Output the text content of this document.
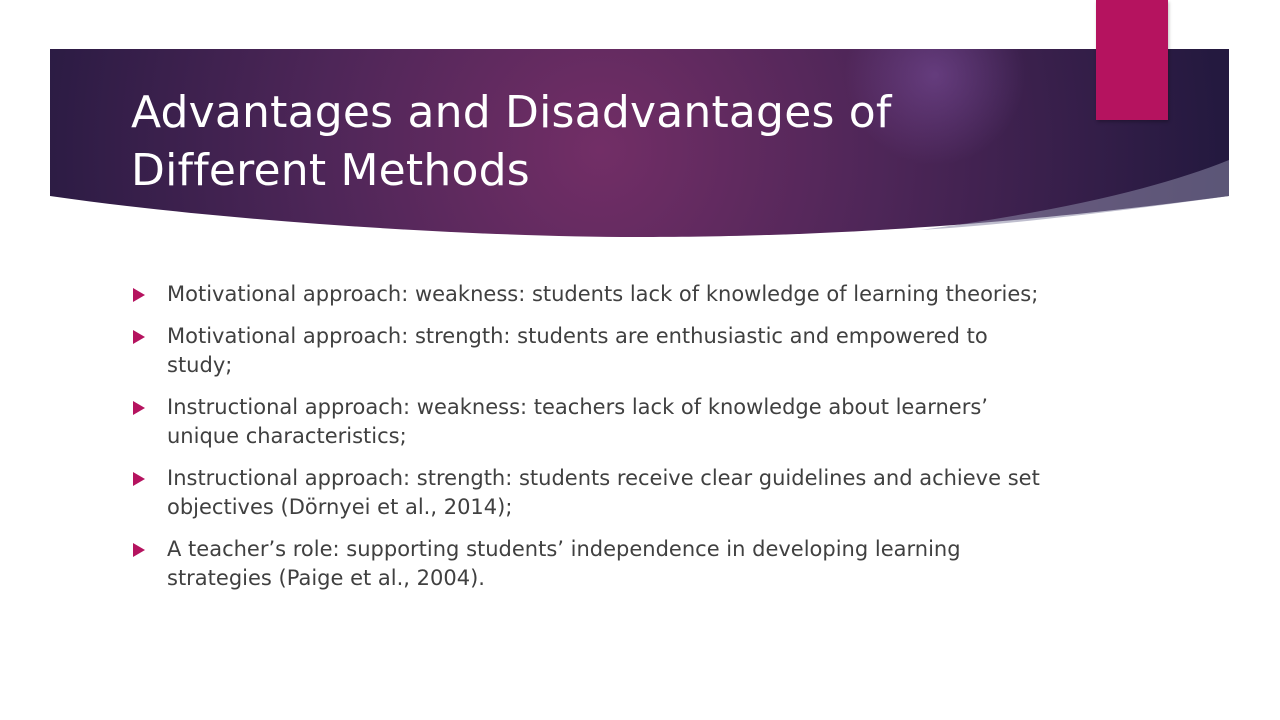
Advantages and Disadvantages of
Different Methods
Motivational approach: weakness: students lack of knowledge of learning theories;
Motivational approach: strength: students are enthusiastic and empowered to study;
Instructional approach: weakness: teachers lack of knowledge about learners’ unique characteristics;
Instructional approach: strength: students receive clear guidelines and achieve set objectives (Dörnyei et al., 2014);
A teacher’s role: supporting students’ independence in developing learning strategies (Paige et al., 2004).
